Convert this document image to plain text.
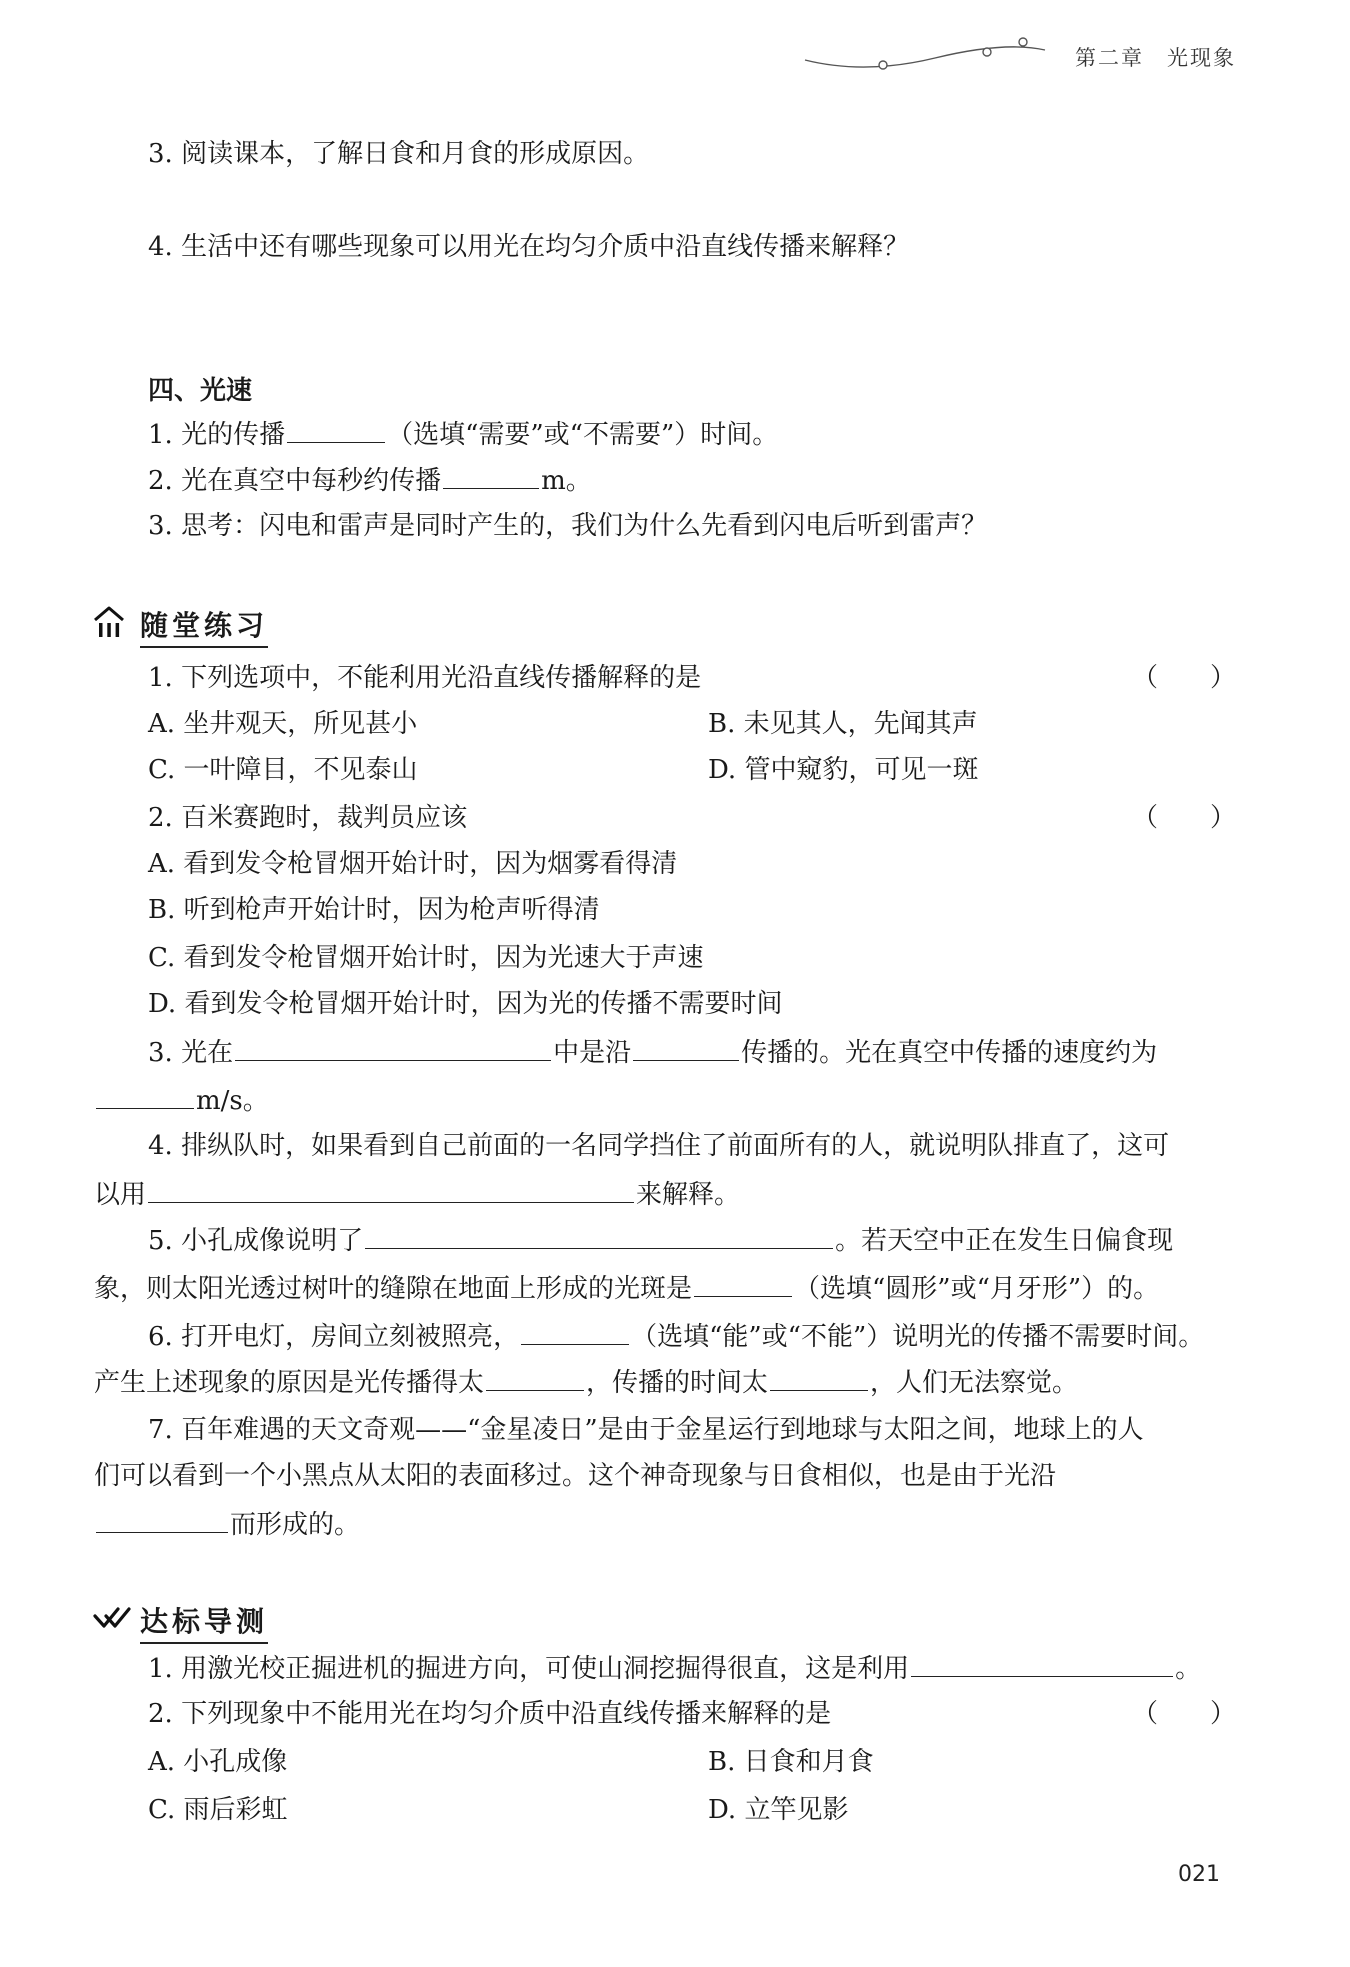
第二章　光现象
3. 阅读课本，了解日食和月食的形成原因。
4. 生活中还有哪些现象可以用光在均匀介质中沿直线传播来解释？
四、光速
1. 光的传播	（选填“需要”或“不需要”）时间。
2. 光在真空中每秒约传播	m。
3. 思考：闪电和雷声是同时产生的，我们为什么先看到闪电后听到雷声？
随堂练习
1. 下列选项中，不能利用光沿直线传播解释的是	（　　）
A. 坐井观天，所见甚小	B. 未见其人，先闻其声
C. 一叶障目，不见泰山	D. 管中窥豹，可见一斑
2. 百米赛跑时，裁判员应该	（　　）
A. 看到发令枪冒烟开始计时，因为烟雾看得清
B. 听到枪声开始计时，因为枪声听得清
C. 看到发令枪冒烟开始计时，因为光速大于声速
D. 看到发令枪冒烟开始计时，因为光的传播不需要时间
3. 光在	中是沿	传播的。光在真空中传播的速度约为
m/s。
4. 排纵队时，如果看到自己前面的一名同学挡住了前面所有的人，就说明队排直了，这可
以用	来解释。
5. 小孔成像说明了	。若天空中正在发生日偏食现
象，则太阳光透过树叶的缝隙在地面上形成的光斑是	（选填“圆形”或“月牙形”）的。
6. 打开电灯，房间立刻被照亮，	（选填“能”或“不能”）说明光的传播不需要时间。
产生上述现象的原因是光传播得太	，传播的时间太	，人们无法察觉。
7. 百年难遇的天文奇观——“金星凌日”是由于金星运行到地球与太阳之间，地球上的人
们可以看到一个小黑点从太阳的表面移过。这个神奇现象与日食相似，也是由于光沿
而形成的。
达标导测
1. 用激光校正掘进机的掘进方向，可使山洞挖掘得很直，这是利用	。
2. 下列现象中不能用光在均匀介质中沿直线传播来解释的是	（　　）
A. 小孔成像	B. 日食和月食
C. 雨后彩虹	D. 立竿见影
021
